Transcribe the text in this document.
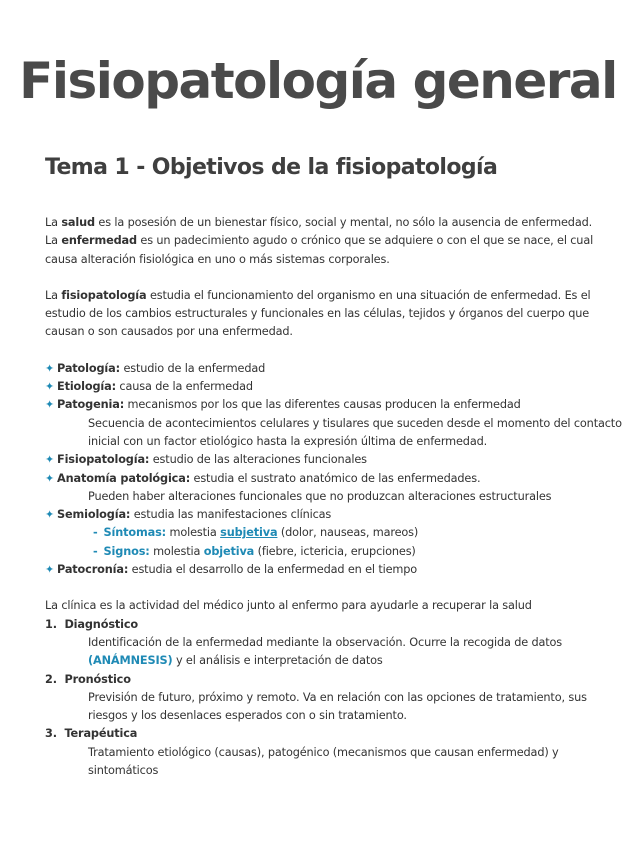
Fisiopatología general
Tema 1 - Objetivos de la fisiopatología

La salud es la posesión de un bienestar físico, social y mental, no sólo la ausencia de enfermedad.

La enfermedad es un padecimiento agudo o crónico que se adquiere o con el que se nace, el cual causa alteración fisiológica en uno o más sistemas corporales.

La fisiopatología estudia el funcionamiento del organismo en una situación de enfermedad. Es el estudio de los cambios estructurales y funcionales en las células, tejidos y órganos del cuerpo que causan o son causados por una enfermedad.

✦ Patología: estudio de la enfermedad
✦ Etiología: causa de la enfermedad
✦ Patogenia: mecanismos por los que las diferentes causas producen la enfermedad
Secuencia de acontecimientos celulares y tisulares que suceden desde el momento del contacto inicial con un factor etiológico hasta la expresión última de enfermedad.
✦ Fisiopatología: estudio de las alteraciones funcionales
✦ Anatomía patológica: estudia el sustrato anatómico de las enfermedades.
Pueden haber alteraciones funcionales que no produzcan alteraciones estructurales
✦ Semiología: estudia las manifestaciones clínicas
- Síntomas: molestia subjetiva (dolor, nauseas, mareos)
- Signos: molestia objetiva (fiebre, ictericia, erupciones)
✦ Patocronía: estudia el desarrollo de la enfermedad en el tiempo

La clínica es la actividad del médico junto al enfermo para ayudarle a recuperar la salud

1. Diagnóstico
Identificación de la enfermedad mediante la observación. Ocurre la recogida de datos (ANÁMNESIS) y el análisis e interpretación de datos
2. Pronóstico
Previsión de futuro, próximo y remoto. Va en relación con las opciones de tratamiento, sus riesgos y los desenlaces esperados con o sin tratamiento.
3. Terapéutica
Tratamiento etiológico (causas), patogénico (mecanismos que causan enfermedad) y sintomáticos
